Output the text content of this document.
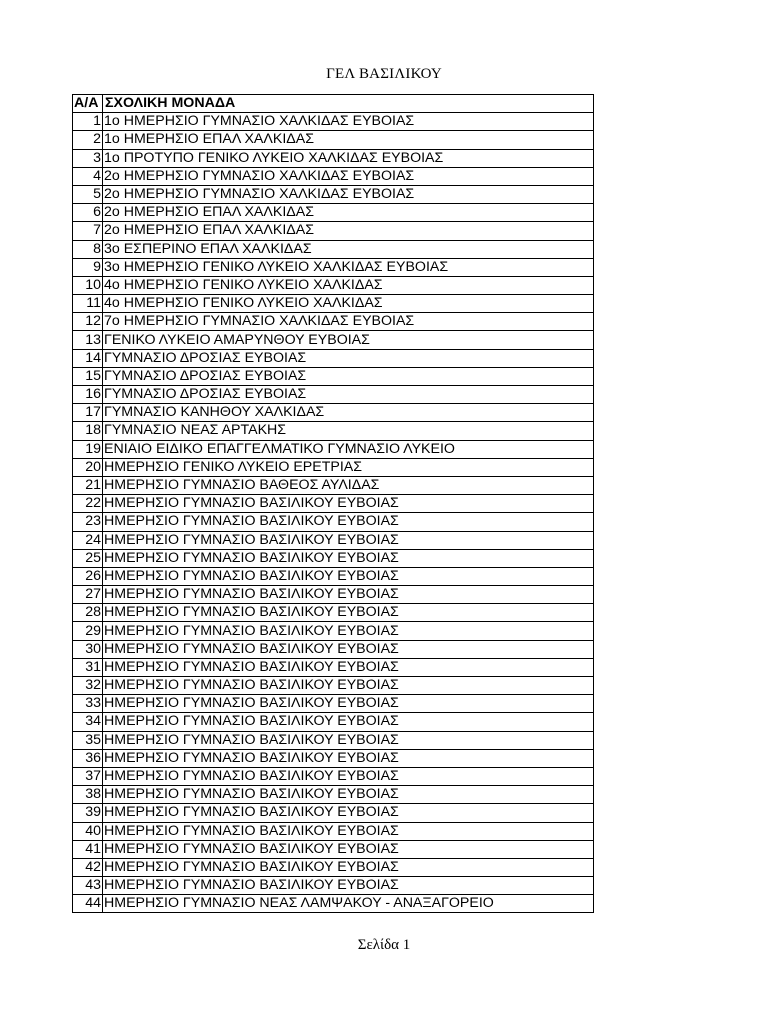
ΓΕΛ ΒΑΣΙΛΙΚΟΥ
Α/Α	ΣΧΟΛΙΚΗ ΜΟΝΑΔΑ
1	1ο ΗΜΕΡΗΣΙΟ ΓΥΜΝΑΣΙΟ ΧΑΛΚΙΔΑΣ ΕΥΒΟΙΑΣ
2	1ο ΗΜΕΡΗΣΙΟ ΕΠΑΛ ΧΑΛΚΙΔΑΣ
3	1ο ΠΡΟΤΥΠΟ ΓΕΝΙΚΟ ΛΥΚΕΙΟ ΧΑΛΚΙΔΑΣ ΕΥΒΟΙΑΣ
4	2ο ΗΜΕΡΗΣΙΟ ΓΥΜΝΑΣΙΟ ΧΑΛΚΙΔΑΣ ΕΥΒΟΙΑΣ
5	2ο ΗΜΕΡΗΣΙΟ ΓΥΜΝΑΣΙΟ ΧΑΛΚΙΔΑΣ ΕΥΒΟΙΑΣ
6	2ο ΗΜΕΡΗΣΙΟ ΕΠΑΛ ΧΑΛΚΙΔΑΣ
7	2ο ΗΜΕΡΗΣΙΟ ΕΠΑΛ ΧΑΛΚΙΔΑΣ
8	3ο ΕΣΠΕΡΙΝΟ ΕΠΑΛ ΧΑΛΚΙΔΑΣ
9	3ο ΗΜΕΡΗΣΙΟ ΓΕΝΙΚΟ ΛΥΚΕΙΟ ΧΑΛΚΙΔΑΣ ΕΥΒΟΙΑΣ
10	4ο ΗΜΕΡΗΣΙΟ ΓΕΝΙΚΟ ΛΥΚΕΙΟ ΧΑΛΚΙΔΑΣ
11	4ο ΗΜΕΡΗΣΙΟ ΓΕΝΙΚΟ ΛΥΚΕΙΟ ΧΑΛΚΙΔΑΣ
12	7ο ΗΜΕΡΗΣΙΟ ΓΥΜΝΑΣΙΟ ΧΑΛΚΙΔΑΣ ΕΥΒΟΙΑΣ
13	ΓΕΝΙΚΟ ΛΥΚΕΙΟ ΑΜΑΡΥΝΘΟΥ ΕΥΒΟΙΑΣ
14	ΓΥΜΝΑΣΙΟ ΔΡΟΣΙΑΣ ΕΥΒΟΙΑΣ
15	ΓΥΜΝΑΣΙΟ ΔΡΟΣΙΑΣ ΕΥΒΟΙΑΣ
16	ΓΥΜΝΑΣΙΟ ΔΡΟΣΙΑΣ ΕΥΒΟΙΑΣ
17	ΓΥΜΝΑΣΙΟ ΚΑΝΗΘΟΥ ΧΑΛΚΙΔΑΣ
18	ΓΥΜΝΑΣΙΟ ΝΕΑΣ ΑΡΤΑΚΗΣ
19	ΕΝΙΑΙΟ ΕΙΔΙΚΟ ΕΠΑΓΓΕΛΜΑΤΙΚΟ ΓΥΜΝΑΣΙΟ ΛΥΚΕΙΟ
20	ΗΜΕΡΗΣΙΟ ΓΕΝΙΚΟ ΛΥΚΕΙΟ ΕΡΕΤΡΙΑΣ
21	ΗΜΕΡΗΣΙΟ ΓΥΜΝΑΣΙΟ ΒΑΘΕΟΣ ΑΥΛΙΔΑΣ
22	ΗΜΕΡΗΣΙΟ ΓΥΜΝΑΣΙΟ ΒΑΣΙΛΙΚΟΥ ΕΥΒΟΙΑΣ
23	ΗΜΕΡΗΣΙΟ ΓΥΜΝΑΣΙΟ ΒΑΣΙΛΙΚΟΥ ΕΥΒΟΙΑΣ
24	ΗΜΕΡΗΣΙΟ ΓΥΜΝΑΣΙΟ ΒΑΣΙΛΙΚΟΥ ΕΥΒΟΙΑΣ
25	ΗΜΕΡΗΣΙΟ ΓΥΜΝΑΣΙΟ ΒΑΣΙΛΙΚΟΥ ΕΥΒΟΙΑΣ
26	ΗΜΕΡΗΣΙΟ ΓΥΜΝΑΣΙΟ ΒΑΣΙΛΙΚΟΥ ΕΥΒΟΙΑΣ
27	ΗΜΕΡΗΣΙΟ ΓΥΜΝΑΣΙΟ ΒΑΣΙΛΙΚΟΥ ΕΥΒΟΙΑΣ
28	ΗΜΕΡΗΣΙΟ ΓΥΜΝΑΣΙΟ ΒΑΣΙΛΙΚΟΥ ΕΥΒΟΙΑΣ
29	ΗΜΕΡΗΣΙΟ ΓΥΜΝΑΣΙΟ ΒΑΣΙΛΙΚΟΥ ΕΥΒΟΙΑΣ
30	ΗΜΕΡΗΣΙΟ ΓΥΜΝΑΣΙΟ ΒΑΣΙΛΙΚΟΥ ΕΥΒΟΙΑΣ
31	ΗΜΕΡΗΣΙΟ ΓΥΜΝΑΣΙΟ ΒΑΣΙΛΙΚΟΥ ΕΥΒΟΙΑΣ
32	ΗΜΕΡΗΣΙΟ ΓΥΜΝΑΣΙΟ ΒΑΣΙΛΙΚΟΥ ΕΥΒΟΙΑΣ
33	ΗΜΕΡΗΣΙΟ ΓΥΜΝΑΣΙΟ ΒΑΣΙΛΙΚΟΥ ΕΥΒΟΙΑΣ
34	ΗΜΕΡΗΣΙΟ ΓΥΜΝΑΣΙΟ ΒΑΣΙΛΙΚΟΥ ΕΥΒΟΙΑΣ
35	ΗΜΕΡΗΣΙΟ ΓΥΜΝΑΣΙΟ ΒΑΣΙΛΙΚΟΥ ΕΥΒΟΙΑΣ
36	ΗΜΕΡΗΣΙΟ ΓΥΜΝΑΣΙΟ ΒΑΣΙΛΙΚΟΥ ΕΥΒΟΙΑΣ
37	ΗΜΕΡΗΣΙΟ ΓΥΜΝΑΣΙΟ ΒΑΣΙΛΙΚΟΥ ΕΥΒΟΙΑΣ
38	ΗΜΕΡΗΣΙΟ ΓΥΜΝΑΣΙΟ ΒΑΣΙΛΙΚΟΥ ΕΥΒΟΙΑΣ
39	ΗΜΕΡΗΣΙΟ ΓΥΜΝΑΣΙΟ ΒΑΣΙΛΙΚΟΥ ΕΥΒΟΙΑΣ
40	ΗΜΕΡΗΣΙΟ ΓΥΜΝΑΣΙΟ ΒΑΣΙΛΙΚΟΥ ΕΥΒΟΙΑΣ
41	ΗΜΕΡΗΣΙΟ ΓΥΜΝΑΣΙΟ ΒΑΣΙΛΙΚΟΥ ΕΥΒΟΙΑΣ
42	ΗΜΕΡΗΣΙΟ ΓΥΜΝΑΣΙΟ ΒΑΣΙΛΙΚΟΥ ΕΥΒΟΙΑΣ
43	ΗΜΕΡΗΣΙΟ ΓΥΜΝΑΣΙΟ ΒΑΣΙΛΙΚΟΥ ΕΥΒΟΙΑΣ
44	ΗΜΕΡΗΣΙΟ ΓΥΜΝΑΣΙΟ ΝΕΑΣ ΛΑΜΨΑΚΟΥ - ΑΝΑΞΑΓΟΡΕΙΟ
Σελίδα 1
